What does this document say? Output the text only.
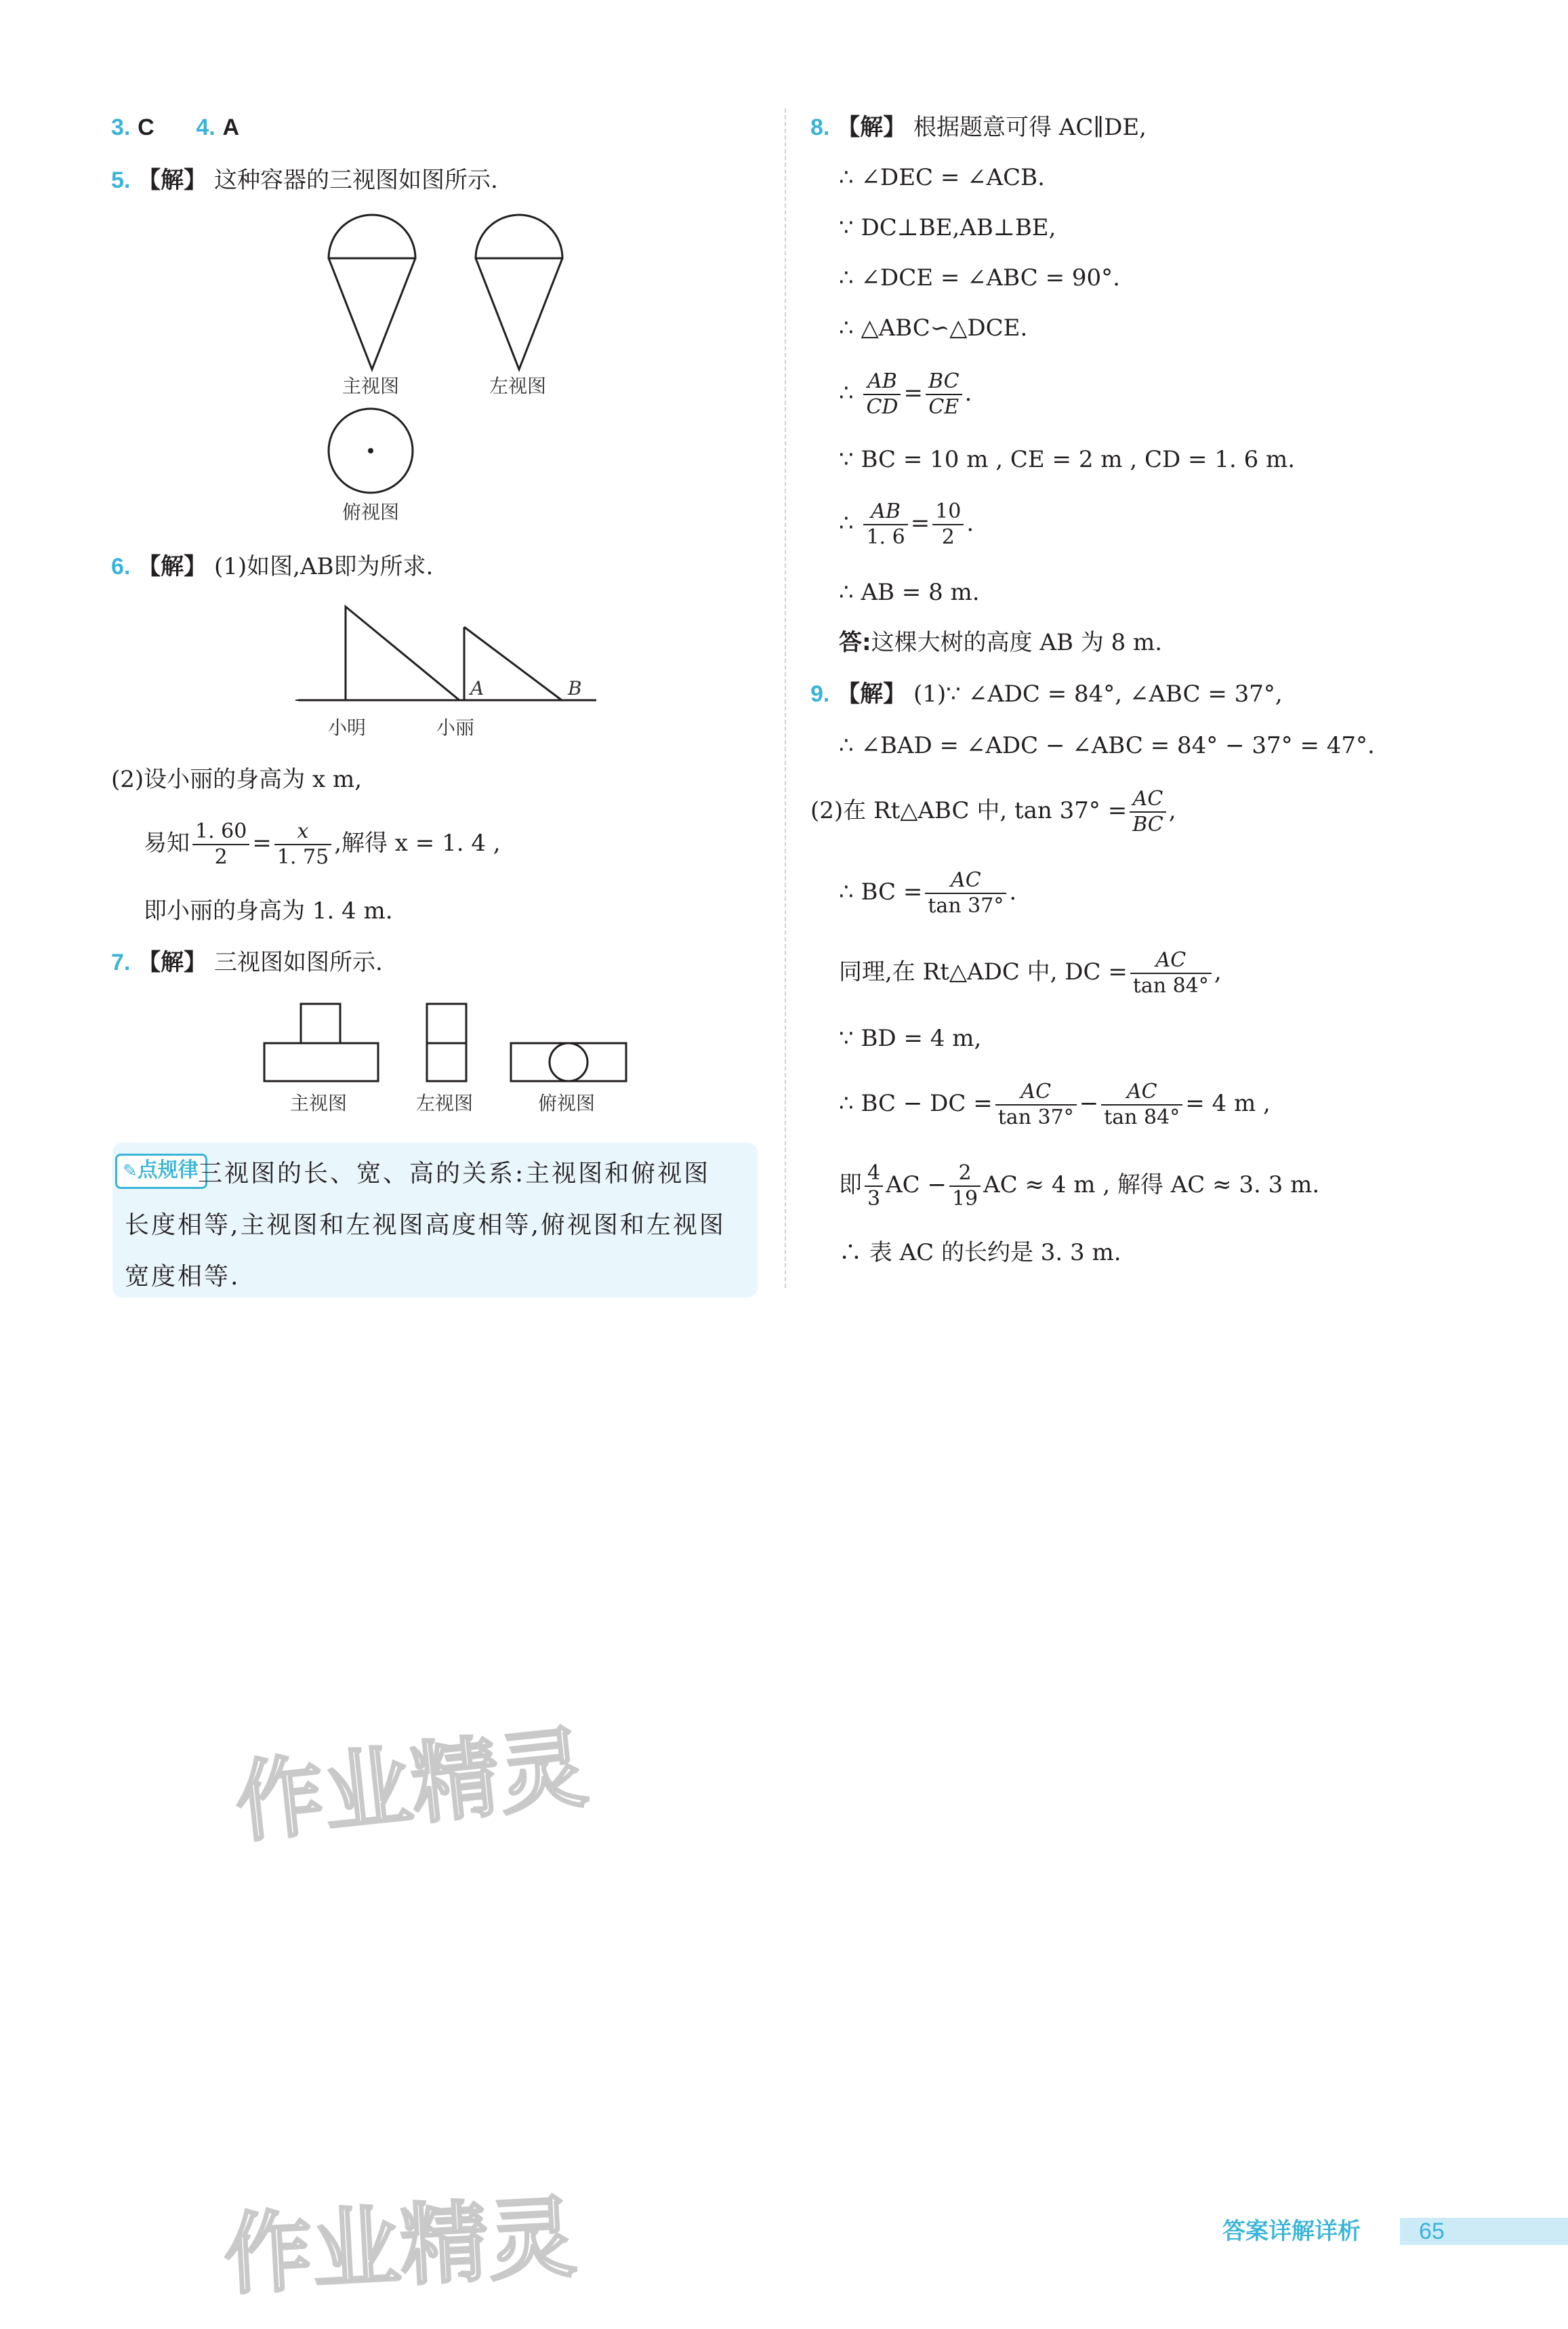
3. C 4. A
5. 【解】 这种容器的三视图如图所示.
主视图	左视图
俯视图
6. 【解】 (1)如图,AB即为所求.
A	B
小明	小丽
(2)设小丽的身高为 x m,
易知 $\frac{1. 60}{2} = \frac{x}{1. 75}$ ,解得 x = 1. 4 ,
即小丽的身高为 1. 4 m.
7. 【解】 三视图如图所示.
主视图	左视图	俯视图
✎点规律 三视图的长、宽、高的关系:主视图和俯视图
长度相等,主视图和左视图高度相等,俯视图和左视图
宽度相等.
8. 【解】 根据题意可得 AC∥DE,
∴ ∠DEC = ∠ACB.
∵ DC⊥BE,AB⊥BE,
∴ ∠DCE = ∠ABC = 90°.
∴ △ABC∽△DCE.
∴ $\frac{AB}{CD} = \frac{BC}{CE}$ .
∵ BC = 10 m , CE = 2 m , CD = 1. 6 m.
∴ $\frac{AB}{1. 6} = \frac{10}{2}$ .
∴ AB = 8 m.
答:这棵大树的高度 AB 为 8 m.
9. 【解】 (1)∵ ∠ADC = 84°, ∠ABC = 37°,
∴ ∠BAD = ∠ADC − ∠ABC = 84° − 37° = 47°.
(2)在 Rt△ABC 中, $\tan 37^\circ = \frac{AC}{BC}$ ,
∴ BC = $\frac{AC}{\tan 37^\circ}$ .
同理,在 Rt△ADC 中, DC = $\frac{AC}{\tan 84^\circ}$ ,
∵ BD = 4 m,
∴ BC − DC = $\frac{AC}{\tan 37^\circ} - \frac{AC}{\tan 84^\circ} = 4$ m ,
即 $\frac{4}{3}$ AC − $\frac{2}{19}$ AC ≈ 4 m , 解得 AC ≈ 3. 3 m.
∴ 表 AC 的长约是 3. 3 m.
作业精灵
作业精灵	答案详解详析	65
